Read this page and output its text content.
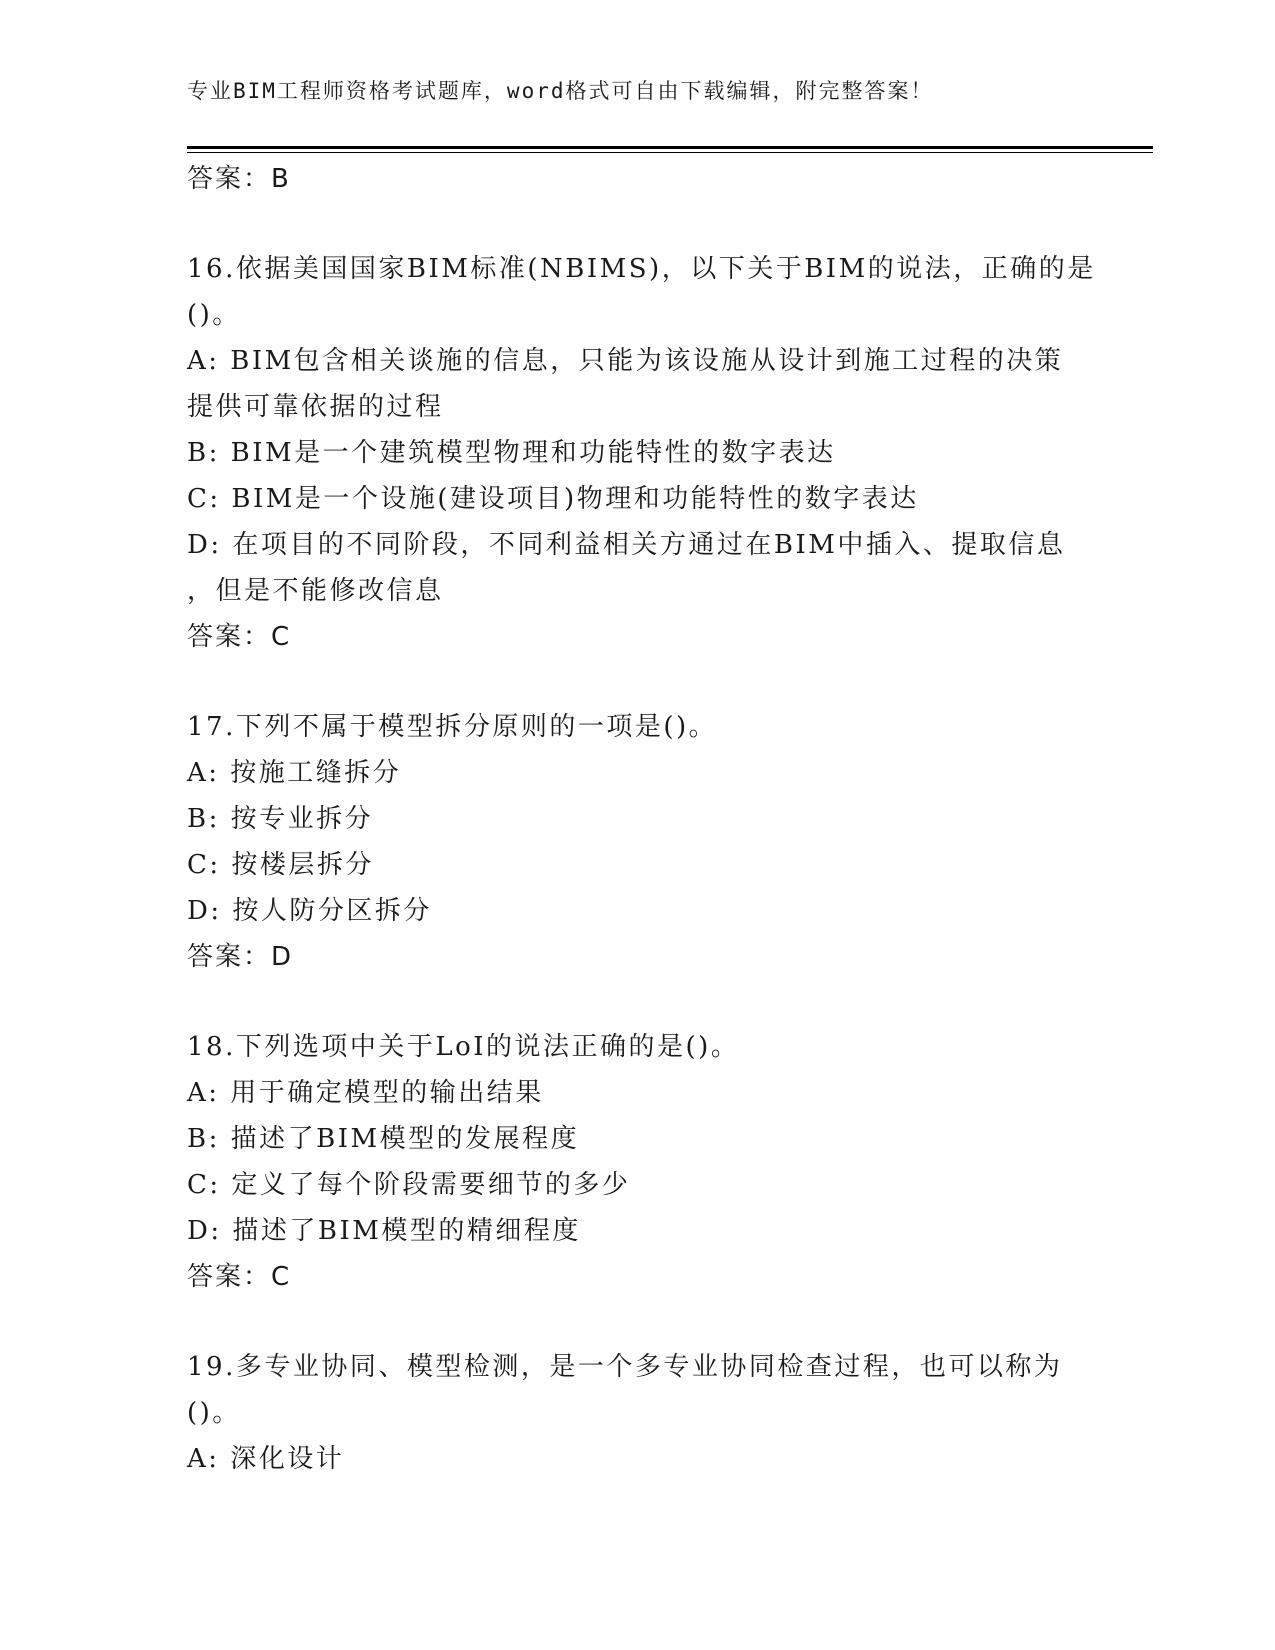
专业BIM工程师资格考试题库，word格式可自由下载编辑，附完整答案！

答案：B

16.依据美国国家BIM标准(NBIMS)，以下关于BIM的说法，正确的是

()。

A: BIM包含相关谈施的信息，只能为该设施从设计到施工过程的决策

提供可靠依据的过程

B: BIM是一个建筑模型物理和功能特性的数字表达

C: BIM是一个设施(建设项目)物理和功能特性的数字表达

D: 在项目的不同阶段，不同利益相关方通过在BIM中插入、提取信息

，但是不能修改信息

答案：C

17.下列不属于模型拆分原则的一项是()。

A: 按施工缝拆分

B: 按专业拆分

C: 按楼层拆分

D: 按人防分区拆分

答案：D

18.下列选项中关于LoI的说法正确的是()。

A: 用于确定模型的输出结果

B: 描述了BIM模型的发展程度

C: 定义了每个阶段需要细节的多少

D: 描述了BIM模型的精细程度

答案：C

19.多专业协同、模型检测，是一个多专业协同检查过程，也可以称为

()。

A: 深化设计
